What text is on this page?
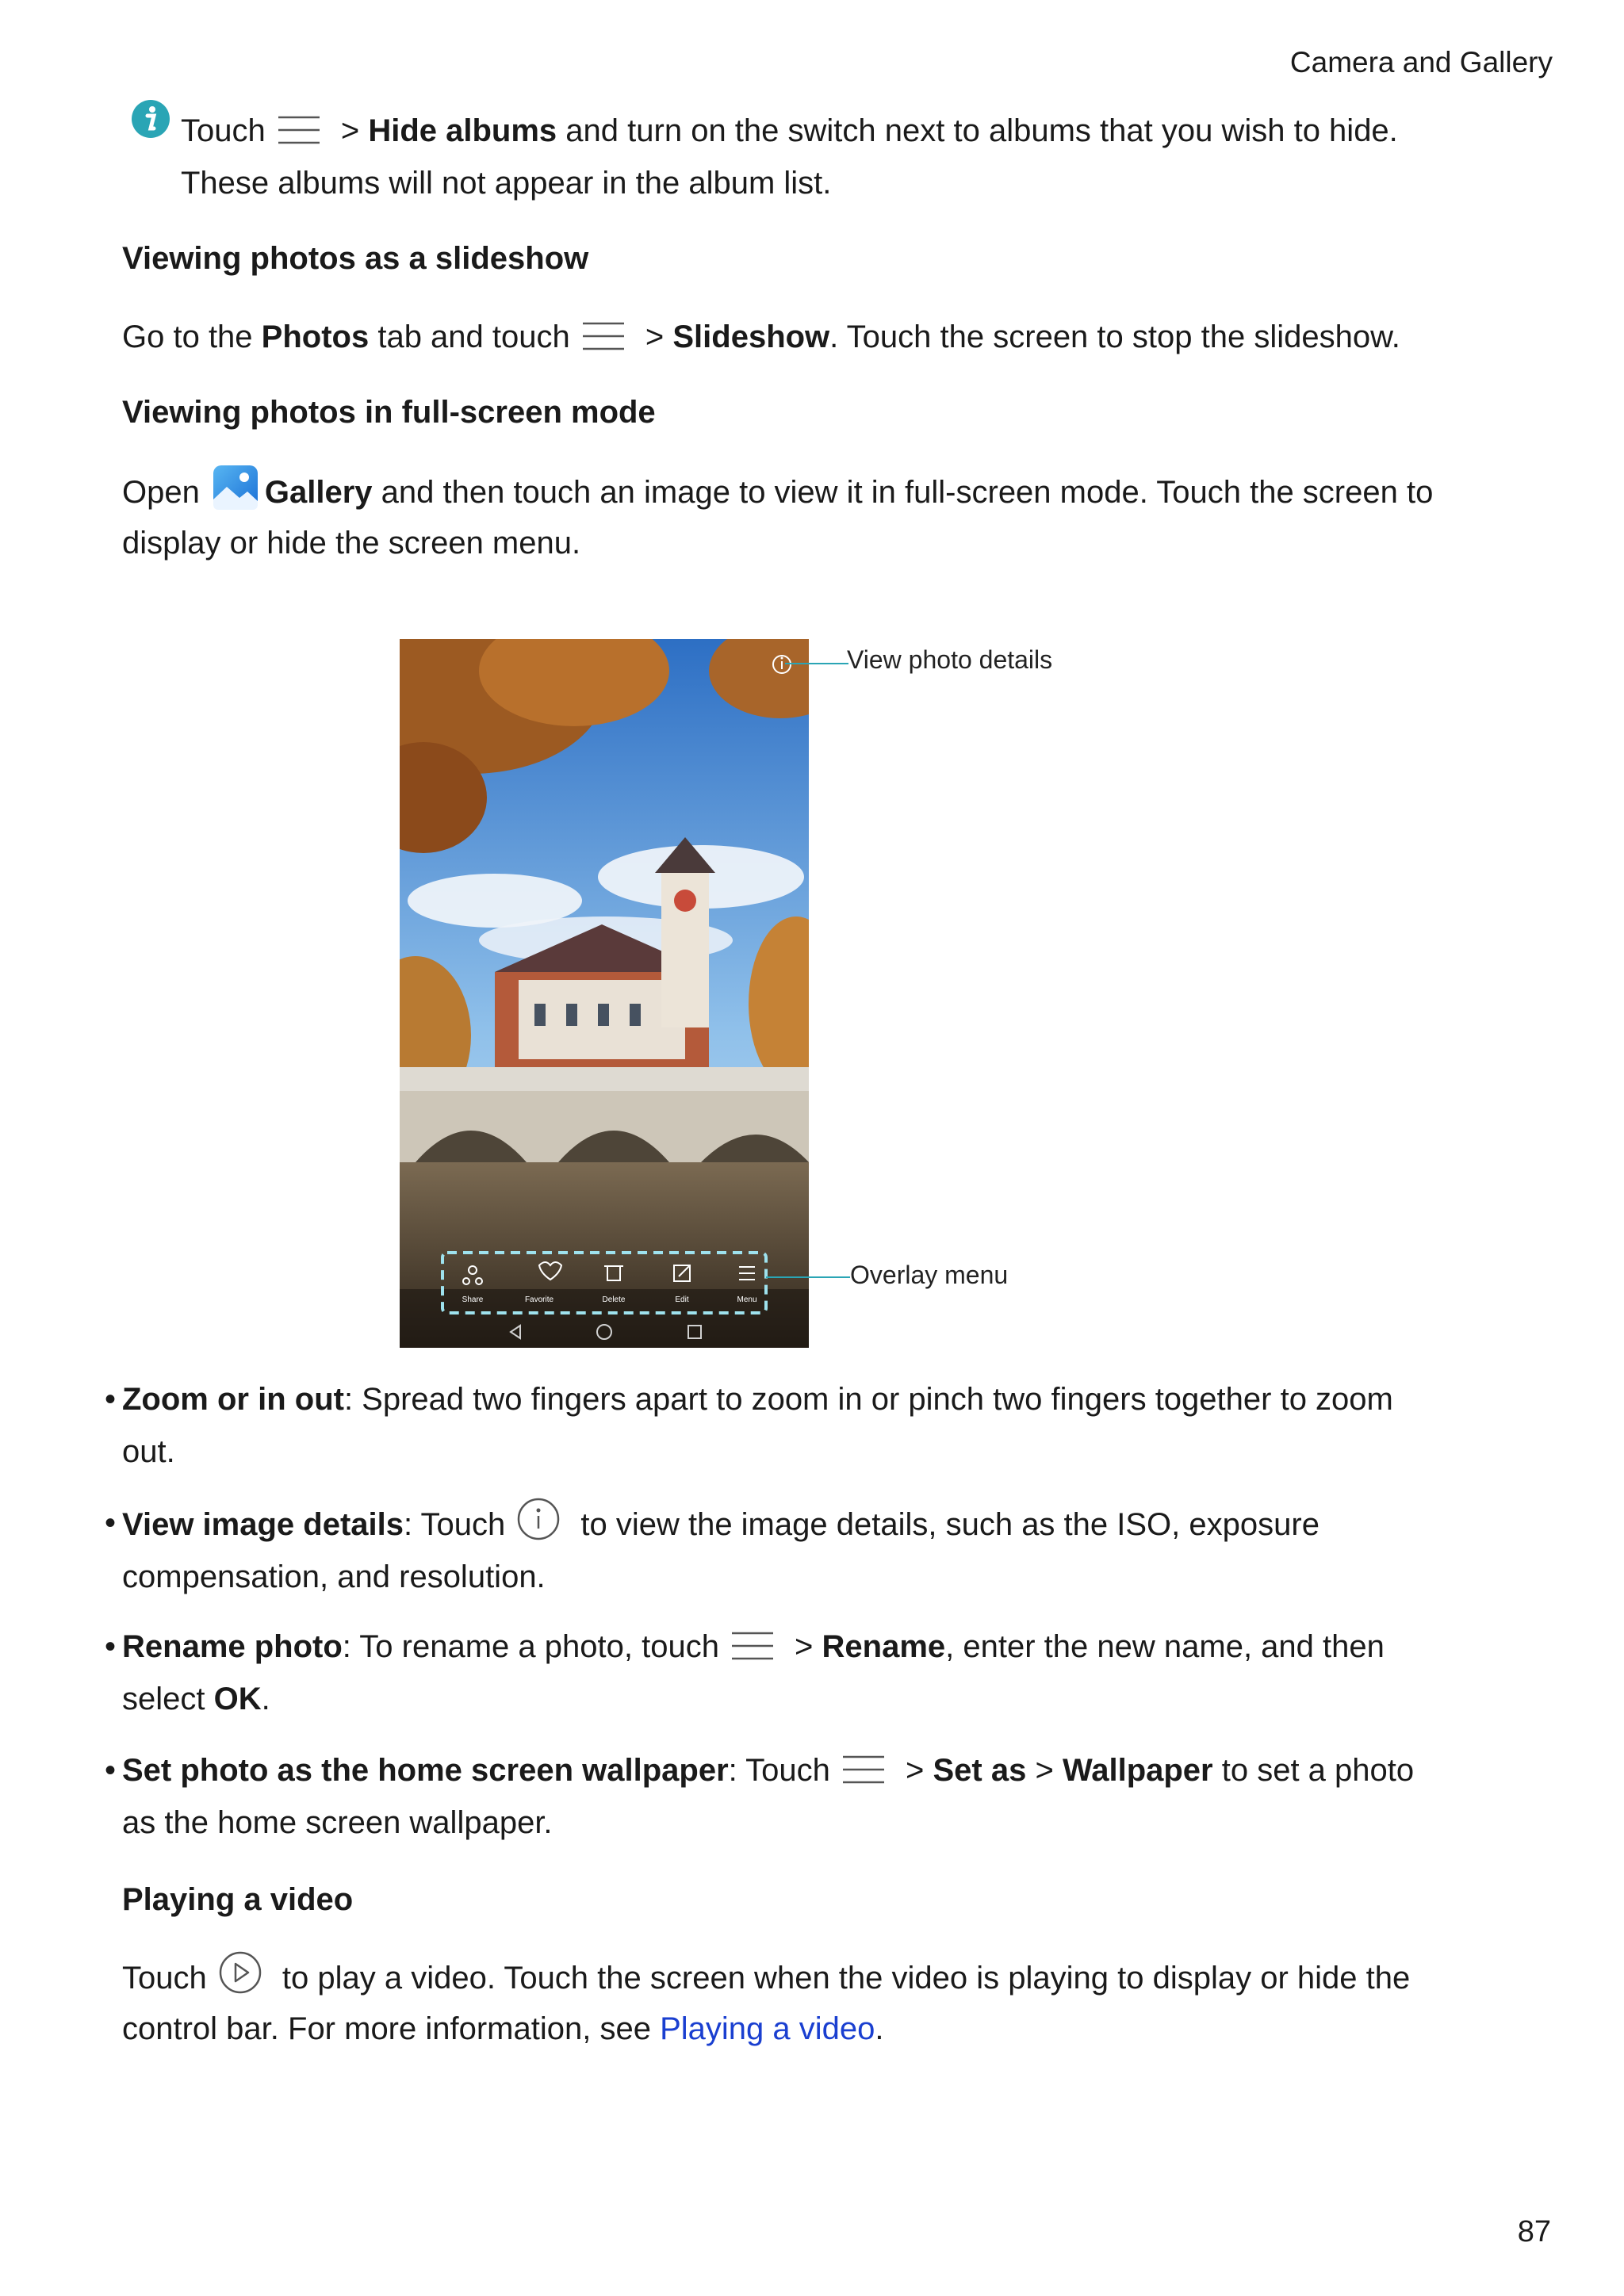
Camera and Gallery
Touch
> Hide albums and turn on the switch next to albums that you wish to hide.
These albums will not appear in the album list.
Viewing photos as a slideshow
Go to the Photos tab and touch
> Slideshow. Touch the screen to stop the slideshow.
Viewing photos in full-screen mode
Open Gallery and then touch an image to view it in full-screen mode. Touch the screen to
display or hide the screen menu.
Share	Favorite	Delete	Edit	Menu
View photo details
Overlay menu
• Zoom or in out: Spread two fingers apart to zoom in or pinch two fingers together to zoom
out.
• View image details: Touch
to view the image details, such as the ISO, exposure
compensation, and resolution.
• Rename photo: To rename a photo, touch
> Rename, enter the new name, and then
select OK.
• Set photo as the home screen wallpaper: Touch
> Set as > Wallpaper to set a photo
as the home screen wallpaper.
Playing a video
Touch
to play a video. Touch the screen when the video is playing to display or hide the
control bar. For more information, see Playing a video.
87
